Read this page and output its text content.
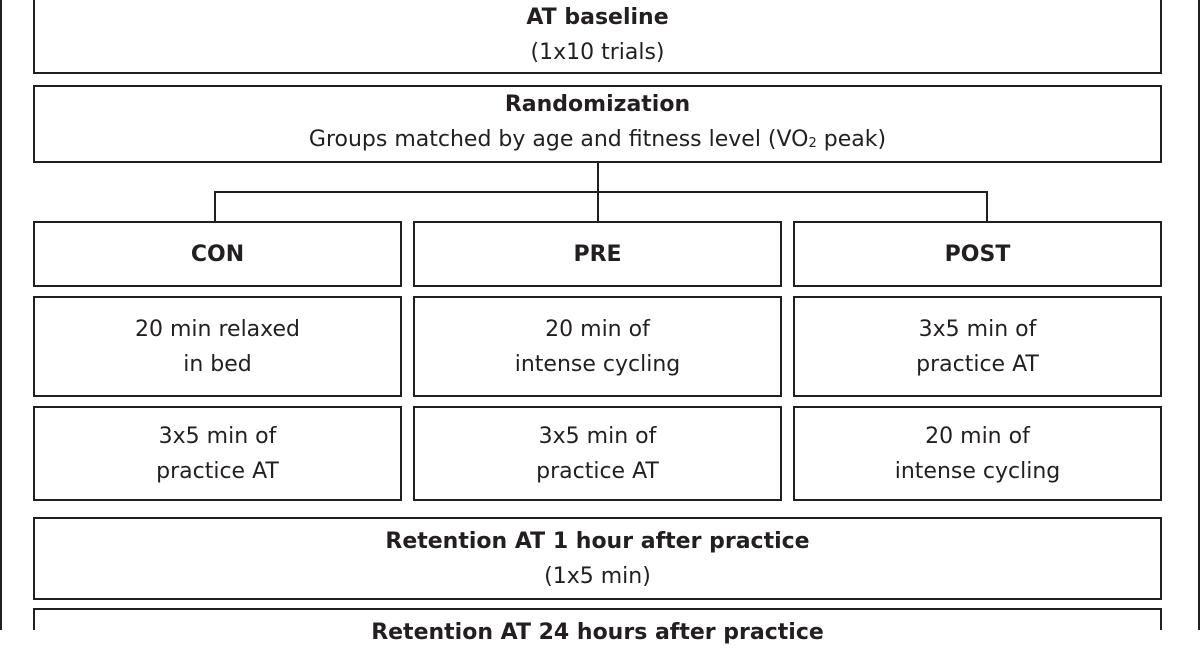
AT baseline
(1x10 trials)
Randomization
Groups matched by age and fitness level (VO2 peak)
CON
20 min relaxed
in bed
3x5 min of
practice AT
PRE
20 min of
intense cycling
3x5 min of
practice AT
POST
3x5 min of
practice AT
20 min of
intense cycling
Retention AT 1 hour after practice
(1x5 min)
Retention AT 24 hours after practice
